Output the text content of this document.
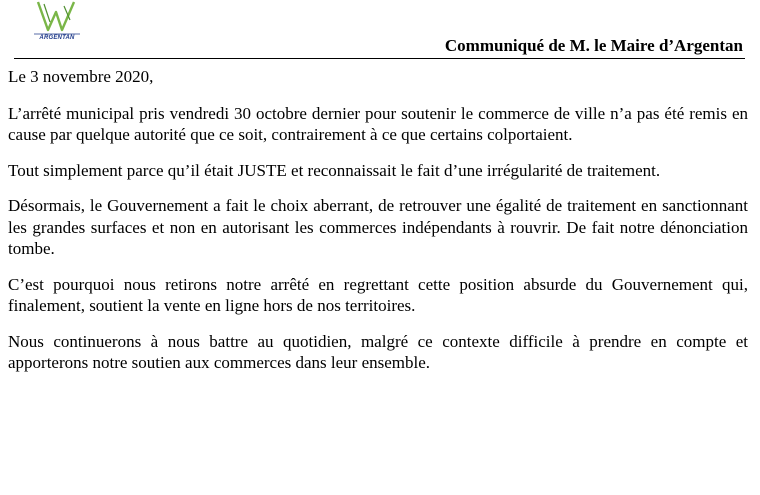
ARGENTAN	Communiqué de M. le Maire d’Argentan

Le 3 novembre 2020,

L’arrêté municipal pris vendredi 30 octobre dernier pour soutenir le commerce de ville n’a pas été remis en cause par quelque autorité que ce soit, contrairement à ce que certains colportaient.

Tout simplement parce qu’il était JUSTE et reconnaissait le fait d’une irrégularité de traitement.

Désormais, le Gouvernement a fait le choix aberrant, de retrouver une égalité de traitement en sanctionnant les grandes surfaces et non en autorisant les commerces indépendants à rouvrir. De fait notre dénonciation tombe.

C’est pourquoi nous retirons notre arrêté en regrettant cette position absurde du Gouvernement qui, finalement, soutient la vente en ligne hors de nos territoires.

Nous continuerons à nous battre au quotidien, malgré ce contexte difficile à prendre en compte et apporterons notre soutien aux commerces dans leur ensemble.
